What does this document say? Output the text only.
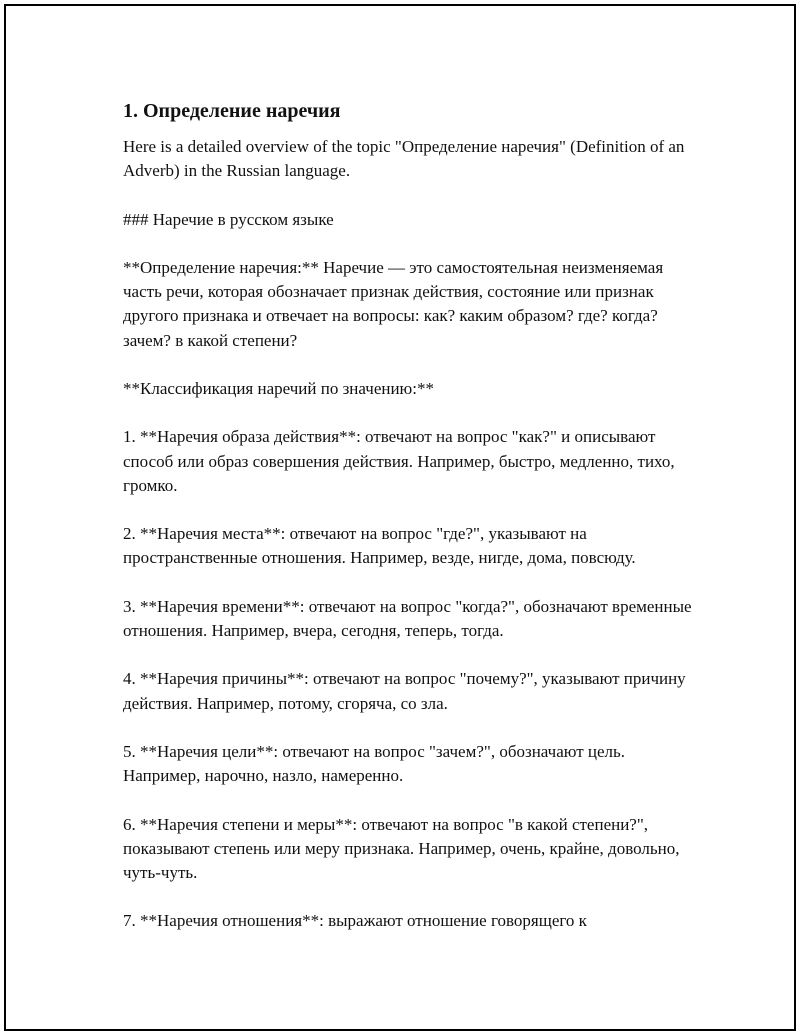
1. Определение наречия

Here is a detailed overview of the topic "Определение наречия" (Definition of an Adverb) in the Russian language.

### Наречие в русском языке

**Определение наречия:** Наречие — это самостоятельная неизменяемая часть речи, которая обозначает признак действия, состояние или признак другого признака и отвечает на вопросы: как? каким образом? где? когда? зачем? в какой степени?

**Классификация наречий по значению:**

1. **Наречия образа действия**: отвечают на вопрос "как?" и описывают способ или образ совершения действия. Например, быстро, медленно, тихо, громко.

2. **Наречия места**: отвечают на вопрос "где?", указывают на пространственные отношения. Например, везде, нигде, дома, повсюду.

3. **Наречия времени**: отвечают на вопрос "когда?", обозначают временные отношения. Например, вчера, сегодня, теперь, тогда.

4. **Наречия причины**: отвечают на вопрос "почему?", указывают причину действия. Например, потому, сгоряча, со зла.

5. **Наречия цели**: отвечают на вопрос "зачем?", обозначают цель. Например, нарочно, назло, намеренно.

6. **Наречия степени и меры**: отвечают на вопрос "в какой степени?", показывают степень или меру признака. Например, очень, крайне, довольно, чуть-чуть.

7. **Наречия отношения**: выражают отношение говорящего к
